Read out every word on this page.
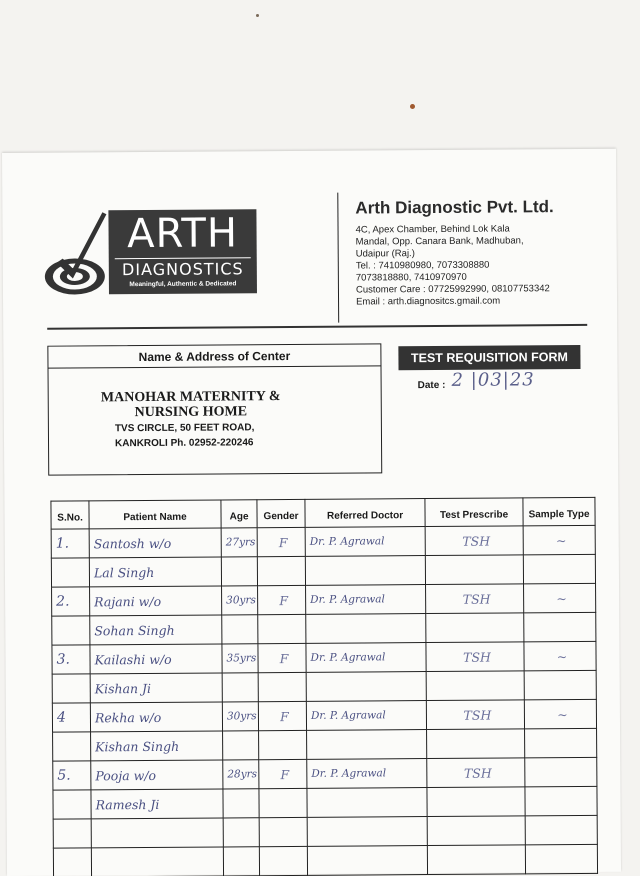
ARTH
DIAGNOSTICS
Meaningful, Authentic & Dedicated
Arth Diagnostic Pvt. Ltd.
4C, Apex Chamber, Behind Lok Kala
Mandal, Opp. Canara Bank, Madhuban,
Udaipur (Raj.)
Tel. : 7410980980, 7073308880
7073818880, 7410970970
Customer Care : 07725992990, 08107753342
Email : arth.diagnositcs.gmail.com
Name & Address of Center
MANOHAR MATERNITY &
NURSING HOME
TVS CIRCLE, 50 FEET ROAD,
KANKROLI Ph. 02952-220246
TEST REQUISITION FORM
Date : 2 |03|23
S.No.	Patient Name	Age	Gender	Referred Doctor	Test Prescribe	Sample Type
1.	Santosh w/o	27yrs	F	Dr. P. Agrawal	TSH	~
	Lal Singh					
2.	Rajani w/o	30yrs	F	Dr. P. Agrawal	TSH	~
	Sohan Singh					
3.	Kailashi w/o	35yrs	F	Dr. P. Agrawal	TSH	~
	Kishan Ji					
4	Rekha w/o	30yrs	F	Dr. P. Agrawal	TSH	~
	Kishan Singh					
5.	Pooja w/o	28yrs	F	Dr. P. Agrawal	TSH	
	Ramesh Ji					
